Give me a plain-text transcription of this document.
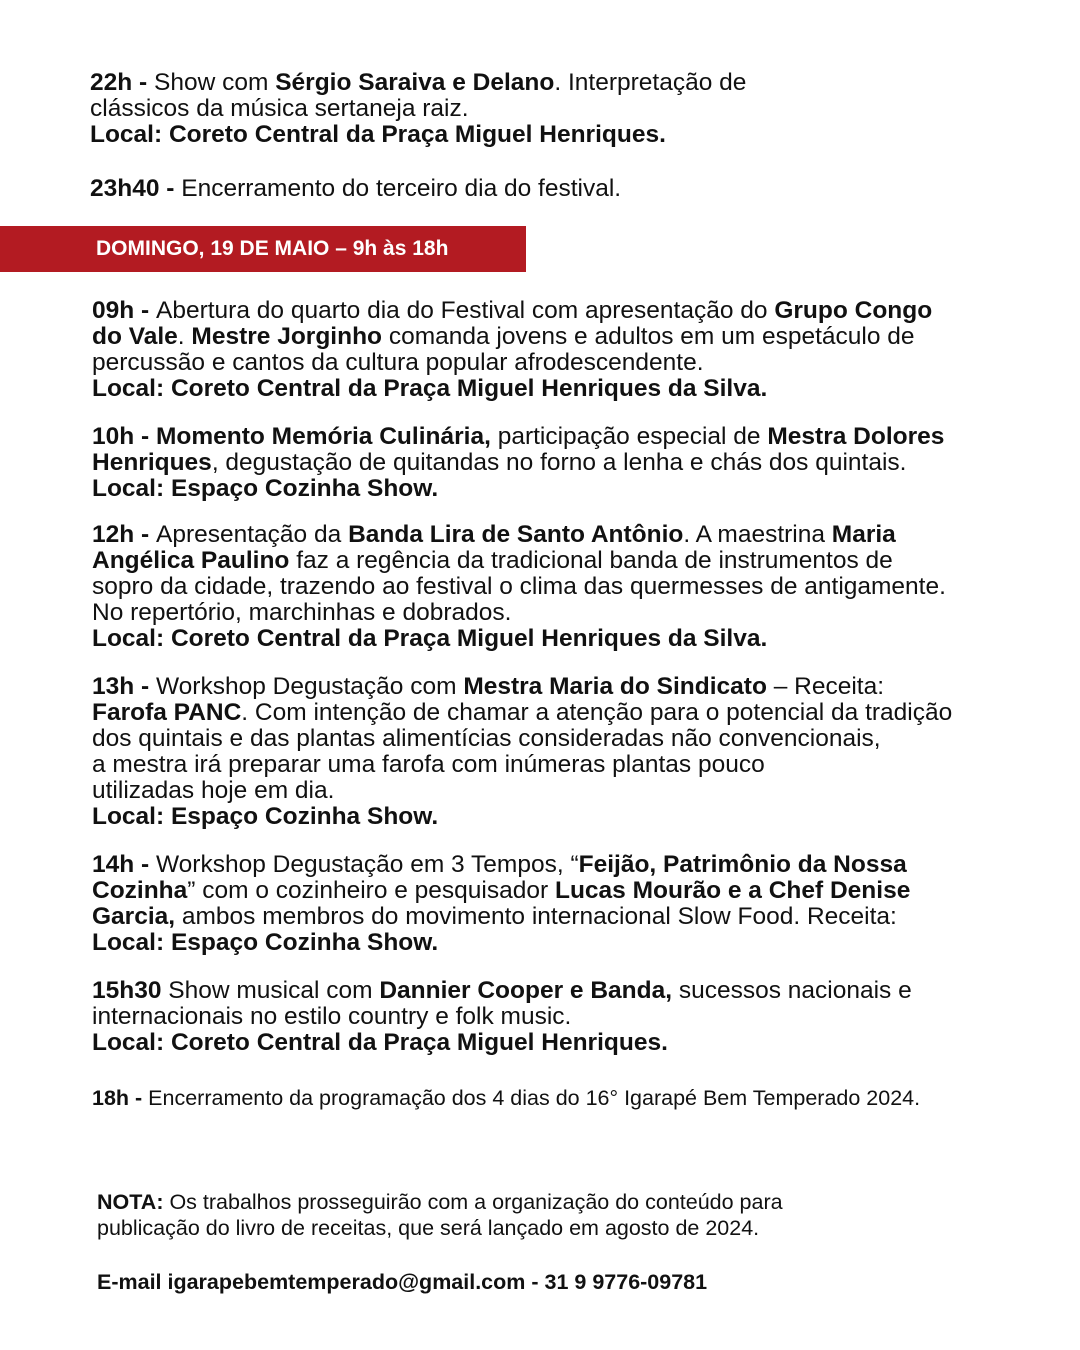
22h - Show com Sérgio Saraiva e Delano. Interpretação de

clássicos da música sertaneja raiz.

Local: Coreto Central da Praça Miguel Henriques.

23h40 - Encerramento do terceiro dia do festival.

DOMINGO, 19 DE MAIO – 9h às 18h

09h - Abertura do quarto dia do Festival com apresentação do Grupo Congo

do Vale. Mestre Jorginho comanda jovens e adultos em um espetáculo de

percussão e cantos da cultura popular afrodescendente.

Local: Coreto Central da Praça Miguel Henriques da Silva.

10h - Momento Memória Culinária, participação especial de Mestra Dolores

Henriques, degustação de quitandas no forno a lenha e chás dos quintais.

Local: Espaço Cozinha Show.

12h - Apresentação da Banda Lira de Santo Antônio. A maestrina Maria

Angélica Paulino faz a regência da tradicional banda de instrumentos de

sopro da cidade, trazendo ao festival o clima das quermesses de antigamente.

No repertório, marchinhas e dobrados.

Local: Coreto Central da Praça Miguel Henriques da Silva.

13h - Workshop Degustação com Mestra Maria do Sindicato – Receita:

Farofa PANC. Com intenção de chamar a atenção para o potencial da tradição

dos quintais e das plantas alimentícias consideradas não convencionais,

a mestra irá preparar uma farofa com inúmeras plantas pouco

utilizadas hoje em dia.

Local: Espaço Cozinha Show.

14h - Workshop Degustação em 3 Tempos, “Feijão, Patrimônio da Nossa

Cozinha” com o cozinheiro e pesquisador Lucas Mourão e a Chef Denise

Garcia, ambos membros do movimento internacional Slow Food. Receita:

Local: Espaço Cozinha Show.

15h30 Show musical com Dannier Cooper e Banda, sucessos nacionais e

internacionais no estilo country e folk music.

Local: Coreto Central da Praça Miguel Henriques.

18h - Encerramento da programação dos 4 dias do 16° Igarapé Bem Temperado 2024.

NOTA: Os trabalhos prosseguirão com a organização do conteúdo para

publicação do livro de receitas, que será lançado em agosto de 2024.

E-mail igarapebemtemperado@gmail.com - 31 9 9776-09781
